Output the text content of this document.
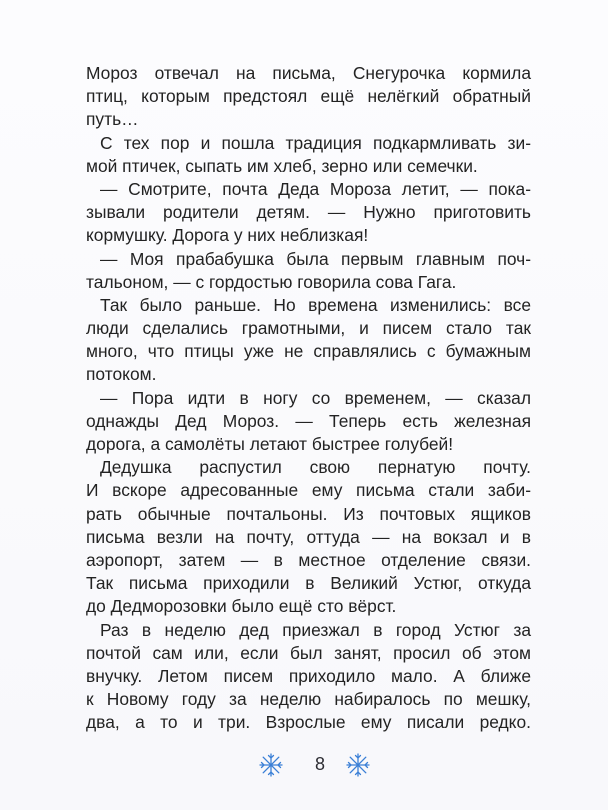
Мороз отвечал на письма, Снегурочка кормила
птиц, которым предстоял ещё нелёгкий обратный
путь…

С тех пор и пошла традиция подкармливать зи-
мой птичек, сыпать им хлеб, зерно или семечки.

— Смотрите, почта Деда Мороза летит, — пока-
зывали родители детям. — Нужно приготовить
кормушку. Дорога у них неблизкая!

— Моя прабабушка была первым главным поч-
тальоном, — с гордостью говорила сова Гага.

Так было раньше. Но времена изменились: все
люди сделались грамотными, и писем стало так
много, что птицы уже не справлялись с бумажным
потоком.

— Пора идти в ногу со временем, — сказал
однажды Дед Мороз. — Теперь есть железная
дорога, а самолёты летают быстрее голубей!

Дедушка распустил свою пернатую почту.
И вскоре адресованные ему письма стали заби-
рать обычные почтальоны. Из почтовых ящиков
письма везли на почту, оттуда — на вокзал и в
аэропорт, затем — в местное отделение связи.
Так письма приходили в Великий Устюг, откуда
до Дедморозовки было ещё сто вёрст.

Раз в неделю дед приезжал в город Устюг за
почтой сам или, если был занят, просил об этом
внучку. Летом писем приходило мало. А ближе
к Новому году за неделю набиралось по мешку,
два, а то и три. Взрослые ему писали редко.

8
